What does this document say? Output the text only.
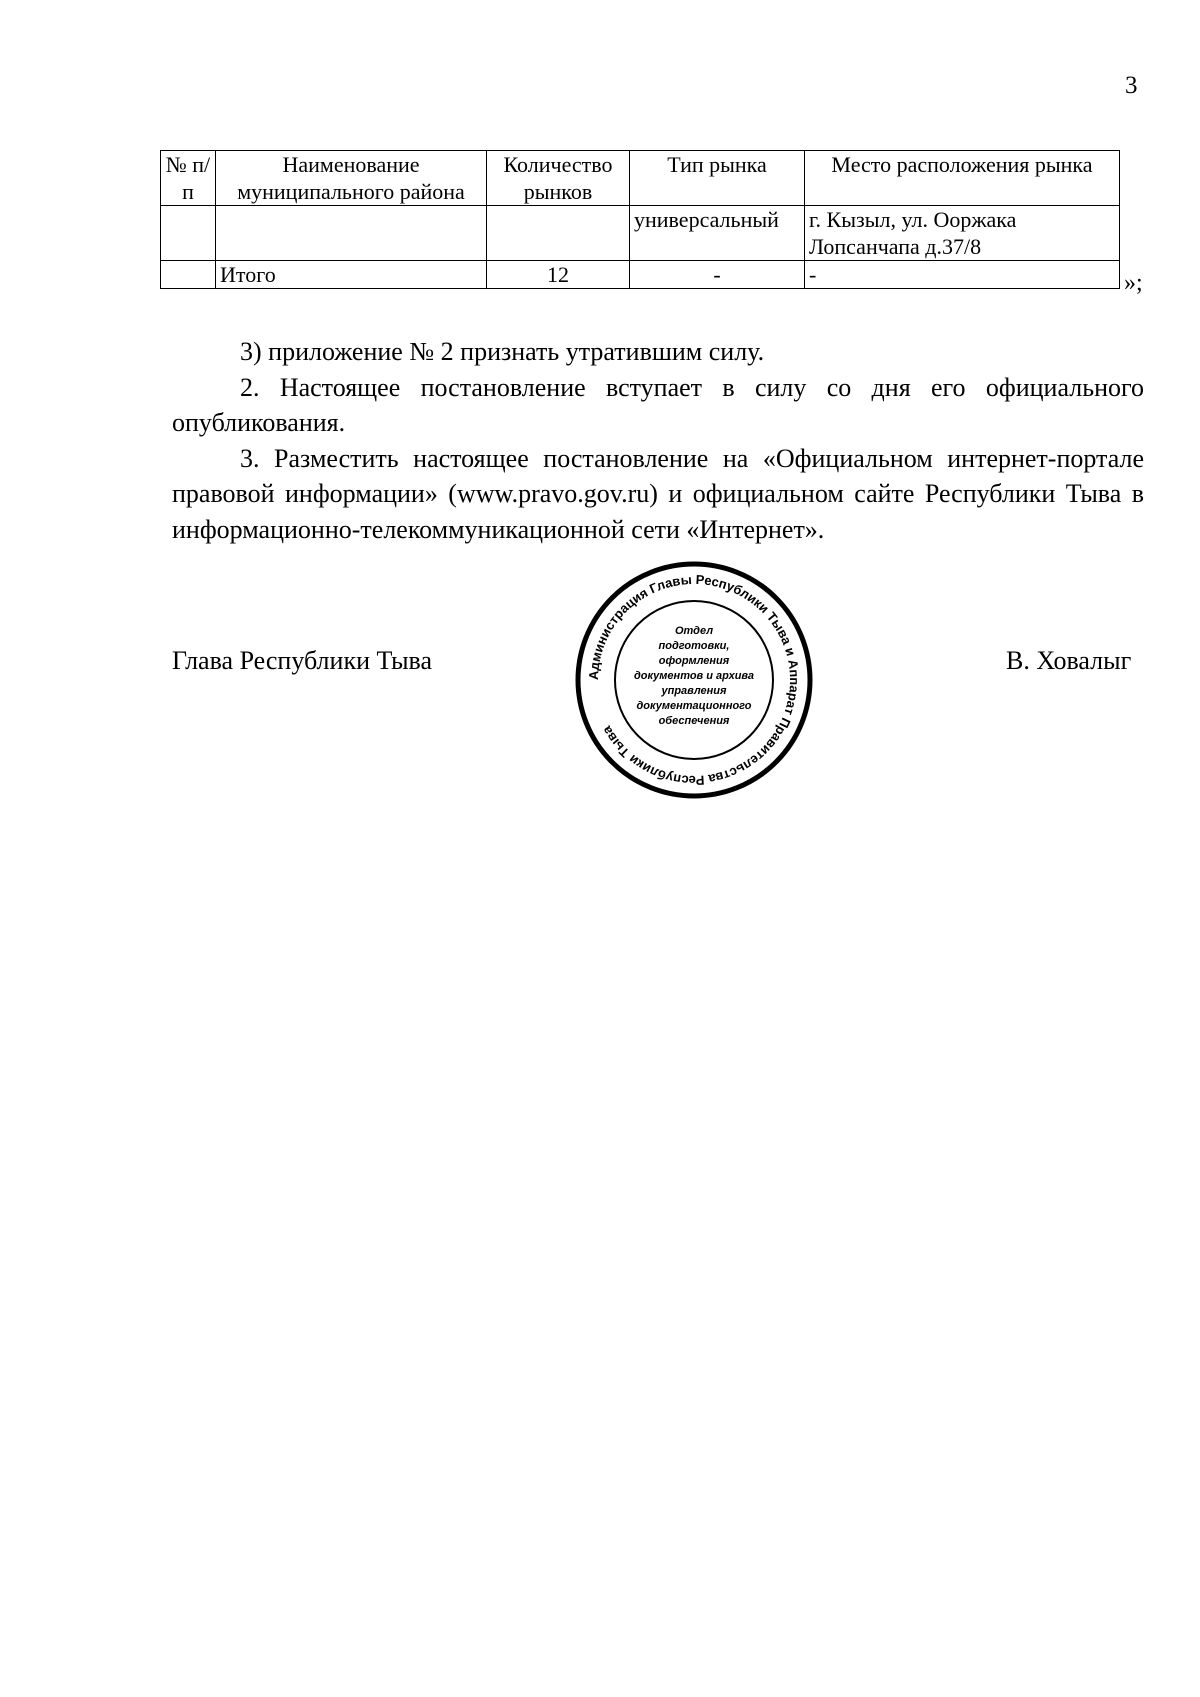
3
№ п/п	Наименование муниципального района	Количество рынков	Тип рынка	Место расположения рынка
			универсальный	г. Кызыл, ул. Ооржака Лопсанчапа д.37/8
	Итого	12	-	-	»;

3) приложение № 2 признать утратившим силу.

2. Настоящее постановление вступает в силу со дня его официального опубликования.

3. Разместить настоящее постановление на «Официальном интернет-портале правовой информации» (www.pravo.gov.ru) и официальном сайте Республики Тыва в информационно-телекоммуникационной сети «Интернет».

Глава Республики Тыва	В. Ховалыг
Администрация Главы Республики Тыва и Аппарат Правительства Республики Тыва
Отдел
подготовки,
оформления
документов и архива
управления
документационного
обеспечения
